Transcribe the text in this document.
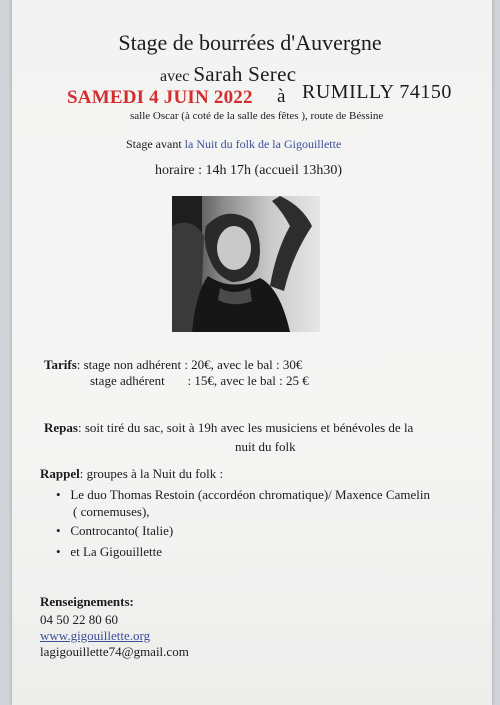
Stage de bourrées d'Auvergne
avec Sarah Serec
SAMEDI 4 JUIN 2022 à RUMILLY 74150
salle Oscar (à coté de la salle des fêtes ), route de Béssine
Stage avant la Nuit du folk de la Gigouillette
horaire : 14h 17h (accueil 13h30)
Tarifs: stage non adhérent : 20€, avec le bal : 30€
stage adhérent       : 15€, avec le bal : 25 €
Repas: soit tiré du sac, soit à 19h avec les musiciens et bénévoles de la
nuit du folk
Rappel: groupes à la Nuit du folk :
•   Le duo Thomas Restoin (accordéon chromatique)/ Maxence Camelin
( cornemuses),
•   Controcanto( Italie)
•   et La Gigouillette
Renseignements:
04 50 22 80 60
www.gigouillette.org
lagigouillette74@gmail.com
